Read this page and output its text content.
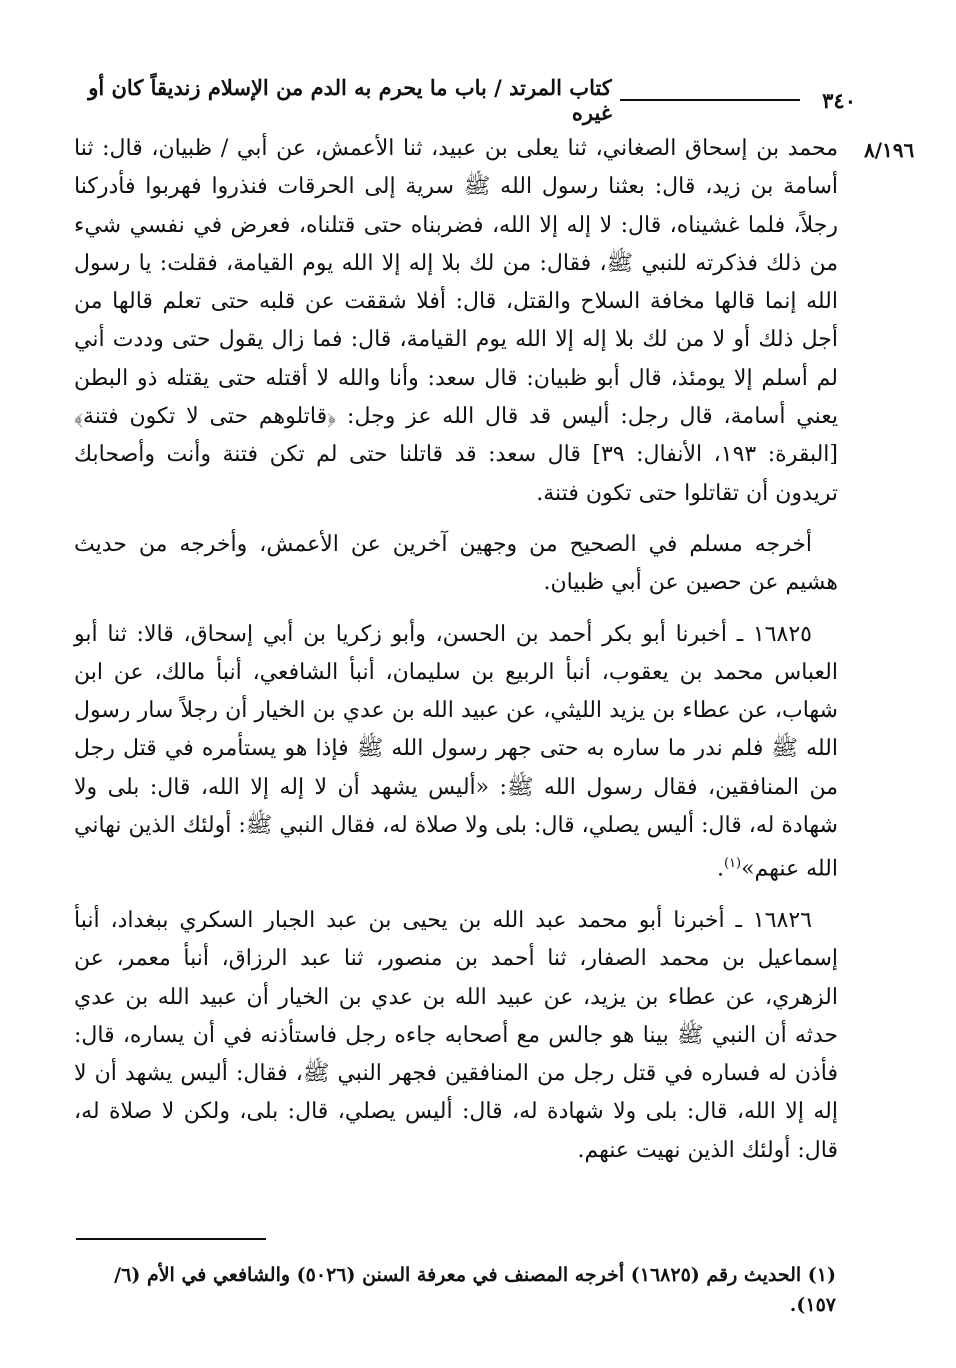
٣٤٠
كتاب المرتد / باب ما يحرم به الدم من الإسلام زنديقاً كان أو غيره
٨/١٩٦

محمد بن إسحاق الصغاني، ثنا يعلى بن عبيد، ثنا الأعمش، عن أبي / ظبيان، قال: ثنا أسامة بن زيد، قال: بعثنا رسول الله ﷺ سرية إلى الحرقات فنذروا فهربوا فأدركنا رجلاً، فلما غشيناه، قال: لا إله إلا الله، فضربناه حتى قتلناه، فعرض في نفسي شيء من ذلك فذكرته للنبي ﷺ، فقال: من لك بلا إله إلا الله يوم القيامة، فقلت: يا رسول الله إنما قالها مخافة السلاح والقتل، قال: أفلا شققت عن قلبه حتى تعلم قالها من أجل ذلك أو لا من لك بلا إله إلا الله يوم القيامة، قال: فما زال يقول حتى وددت أني لم أسلم إلا يومئذ، قال أبو ظبيان: قال سعد: وأنا والله لا أقتله حتى يقتله ذو البطن يعني أسامة، قال رجل: أليس قد قال الله عز وجل: ﴿قاتلوهم حتى لا تكون فتنة﴾ [البقرة: ١٩٣، الأنفال: ٣٩] قال سعد: قد قاتلنا حتى لم تكن فتنة وأنت وأصحابك تريدون أن تقاتلوا حتى تكون فتنة.

أخرجه مسلم في الصحيح من وجهين آخرين عن الأعمش، وأخرجه من حديث هشيم عن حصين عن أبي ظبيان.

١٦٨٢٥ ـ أخبرنا أبو بكر أحمد بن الحسن، وأبو زكريا بن أبي إسحاق، قالا: ثنا أبو العباس محمد بن يعقوب، أنبأ الربيع بن سليمان، أنبأ الشافعي، أنبأ مالك، عن ابن شهاب، عن عطاء بن يزيد الليثي، عن عبيد الله بن عدي بن الخيار أن رجلاً سار رسول الله ﷺ فلم ندر ما ساره به حتى جهر رسول الله ﷺ فإذا هو يستأمره في قتل رجل من المنافقين، فقال رسول الله ﷺ: «أليس يشهد أن لا إله إلا الله، قال: بلى ولا شهادة له، قال: أليس يصلي، قال: بلى ولا صلاة له، فقال النبي ﷺ: أولئك الذين نهاني الله عنهم»$^{(١)}$.

١٦٨٢٦ ـ أخبرنا أبو محمد عبد الله بن يحيى بن عبد الجبار السكري ببغداد، أنبأ إسماعيل بن محمد الصفار، ثنا أحمد بن منصور، ثنا عبد الرزاق، أنبأ معمر، عن الزهري، عن عطاء بن يزيد، عن عبيد الله بن عدي بن الخيار أن عبيد الله بن عدي حدثه أن النبي ﷺ بينا هو جالس مع أصحابه جاءه رجل فاستأذنه في أن يساره، قال: فأذن له فساره في قتل رجل من المنافقين فجهر النبي ﷺ، فقال: أليس يشهد أن لا إله إلا الله، قال: بلى ولا شهادة له، قال: أليس يصلي، قال: بلى، ولكن لا صلاة له، قال: أولئك الذين نهيت عنهم.

(١) الحديث رقم (١٦٨٢٥) أخرجه المصنف في معرفة السنن (٥٠٢٦) والشافعي في الأم (٦/ ١٥٧).
